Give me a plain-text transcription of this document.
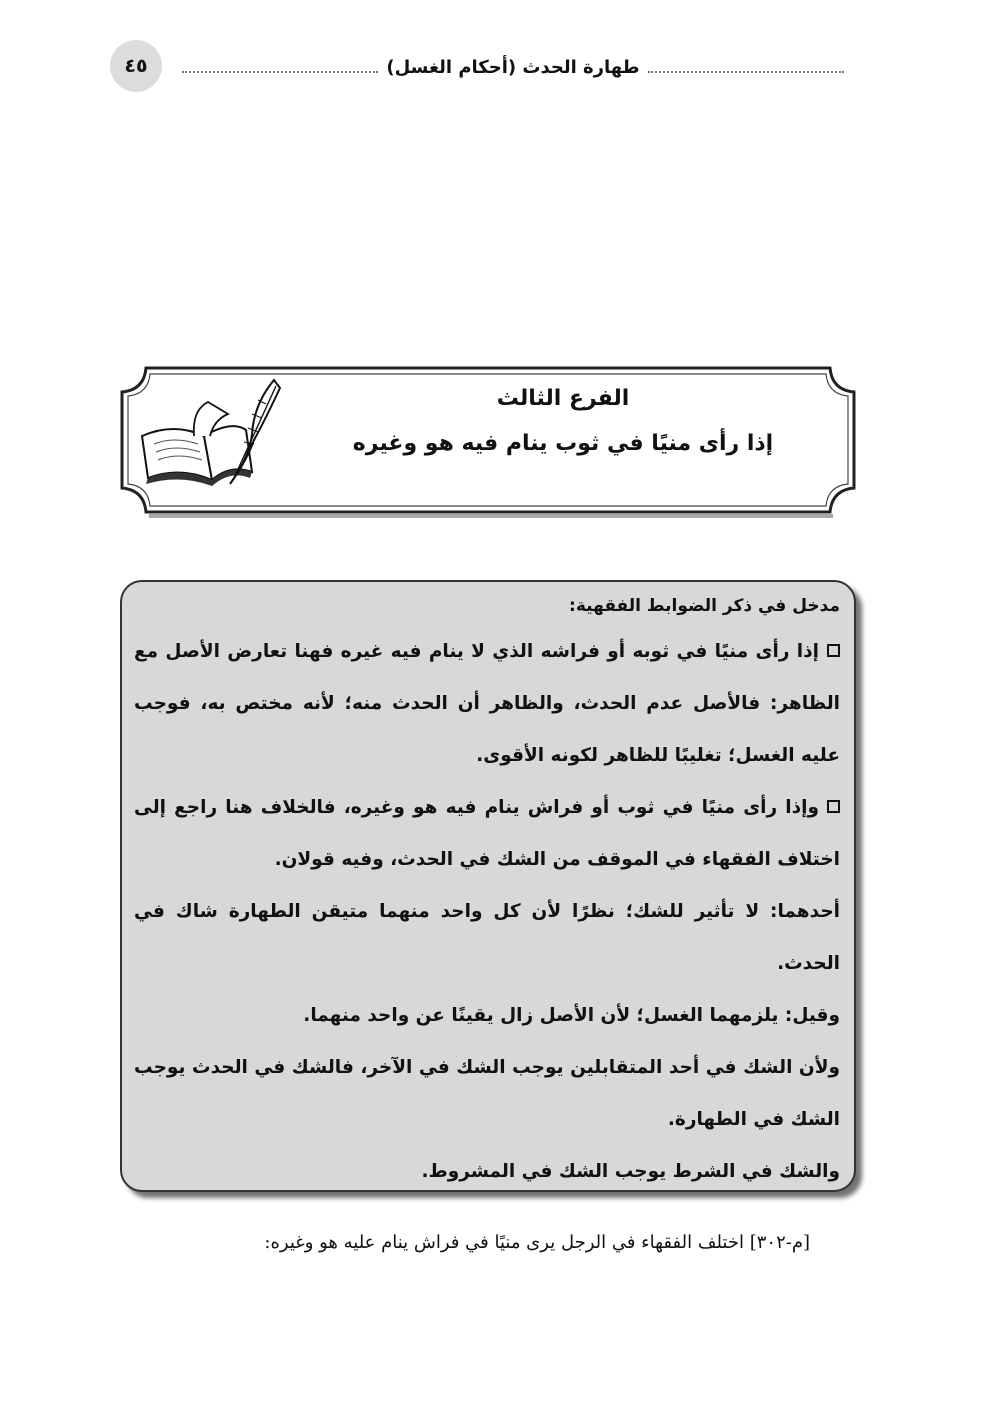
٤٥	طهارة الحدث (أحكام الغسل)
الفرع الثالث
إذا رأى منيًا في ثوب ينام فيه هو وغيره
مدخل في ذكر الضوابط الفقهية:

إذا رأى منيًا في ثوبه أو فراشه الذي لا ينام فيه غيره فهنا تعارض الأصل مع الظاهر: فالأصل عدم الحدث، والظاهر أن الحدث منه؛ لأنه مختص به، فوجب عليه الغسل؛ تغليبًا للظاهر لكونه الأقوى.

وإذا رأى منيًا في ثوب أو فراش ينام فيه هو وغيره، فالخلاف هنا راجع إلى اختلاف الفقهاء في الموقف من الشك في الحدث، وفيه قولان.

أحدهما: لا تأثير للشك؛ نظرًا لأن كل واحد منهما متيقن الطهارة شاك في الحدث.

وقيل: يلزمهما الغسل؛ لأن الأصل زال يقينًا عن واحد منهما.

ولأن الشك في أحد المتقابلين يوجب الشك في الآخر، فالشك في الحدث يوجب الشك في الطهارة.

والشك في الشرط يوجب الشك في المشروط.

[م-٣٠٢] اختلف الفقهاء في الرجل يرى منيًا في فراش ينام عليه هو وغيره:
